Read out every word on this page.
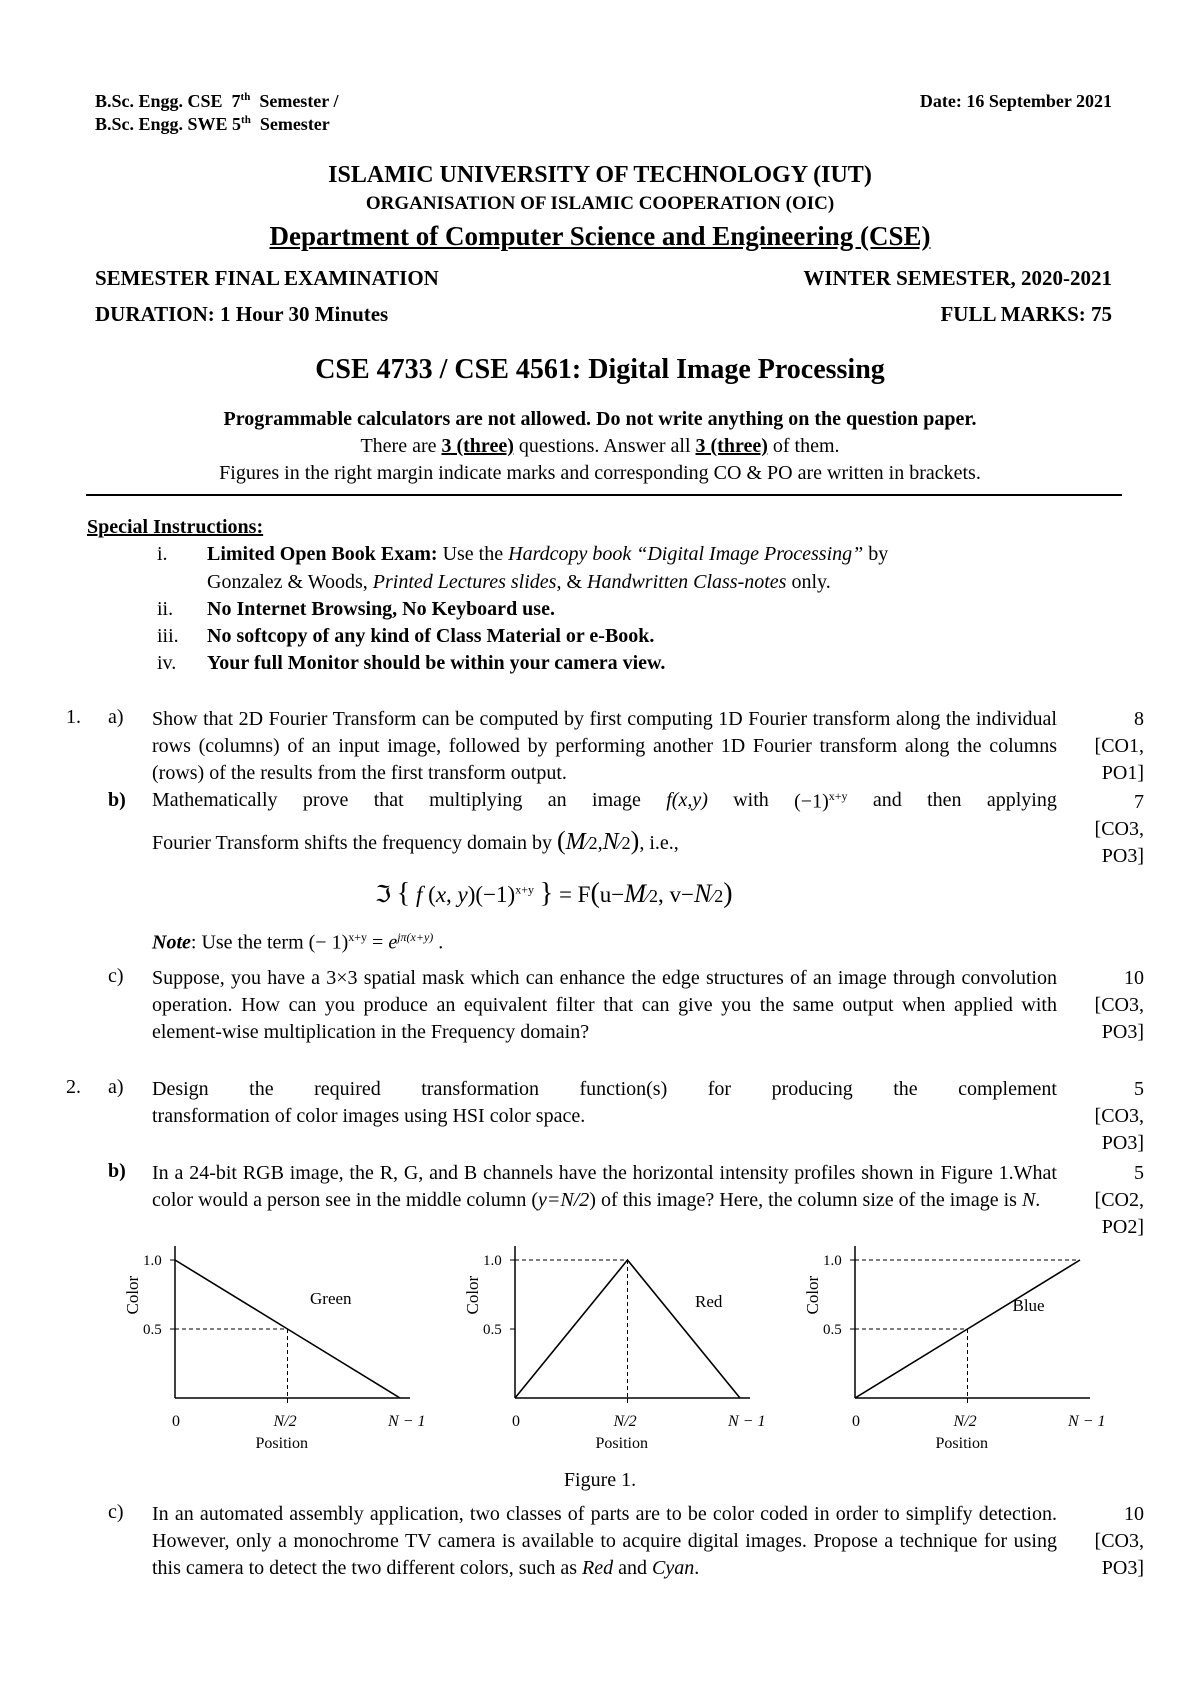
B.Sc. Engg. CSE  7th  Semester /
B.Sc. Engg. SWE 5th  Semester
Date: 16 September 2021
ISLAMIC UNIVERSITY OF TECHNOLOGY (IUT)
ORGANISATION OF ISLAMIC COOPERATION (OIC)
Department of Computer Science and Engineering (CSE)
SEMESTER FINAL EXAMINATION	WINTER SEMESTER, 2020-2021
DURATION: 1 Hour 30 Minutes	FULL MARKS: 75
CSE 4733 / CSE 4561: Digital Image Processing
Programmable calculators are not allowed. Do not write anything on the question paper.
There are 3 (three) questions. Answer all 3 (three) of them.
Figures in the right margin indicate marks and corresponding CO & PO are written in brackets.
Special Instructions:
i. Limited Open Book Exam: Use the Hardcopy book “Digital Image Processing” by
Gonzalez & Woods, Printed Lectures slides, & Handwritten Class-notes only.
ii. No Internet Browsing, No Keyboard use.
iii. No softcopy of any kind of Class Material or e-Book.
iv. Your full Monitor should be within your camera view.
1. a) Show that 2D Fourier Transform can be computed by first computing 1D Fourier transform along the individual rows (columns) of an input image, followed by performing another 1D Fourier transform along the columns (rows) of the results from the first transform output.
8
[CO1,
PO1]
b) Mathematically prove that multiplying an image f(x,y) with $(-1)^{x+y}$ and then applying
Fourier Transform shifts the frequency domain by (M⁄2,N⁄2), i.e.,
ℑ { f (x, $y)(-1)^{x+y}$ } = F(u−M⁄2, v−N⁄2)
Note: Use the term (− $1)^{x+y} = e^{j\pi(x+y)}$ .
7
[CO3,
PO3]
c) Suppose, you have a 3×3 spatial mask which can enhance the edge structures of an image through convolution operation. How can you produce an equivalent filter that can give you the same output when applied with element-wise multiplication in the Frequency domain?
10
[CO3,
PO3]
2. a) Design the required transformation function(s) for producing the complement

transformation of color images using HSI color space.

5
[CO3,
PO3]
b) In a 24-bit RGB image, the R, G, and B channels have the horizontal intensity profiles shown in Figure 1.What color would a person see in the middle column (y=N/2) of this image? Here, the column size of the image is N.
5
[CO2,
PO2]
1.0
0.5
Color
0	N/2	N − 1
Position
Green
1.0
0.5
Color
0	N/2	N − 1
Position
Red
1.0
0.5
Color
0	N/2	N − 1
Position
Blue
Figure 1.
c) In an automated assembly application, two classes of parts are to be color coded in order to simplify detection. However, only a monochrome TV camera is available to acquire digital images. Propose a technique for using this camera to detect the two different colors, such as Red and Cyan.
10
[CO3,
PO3]
